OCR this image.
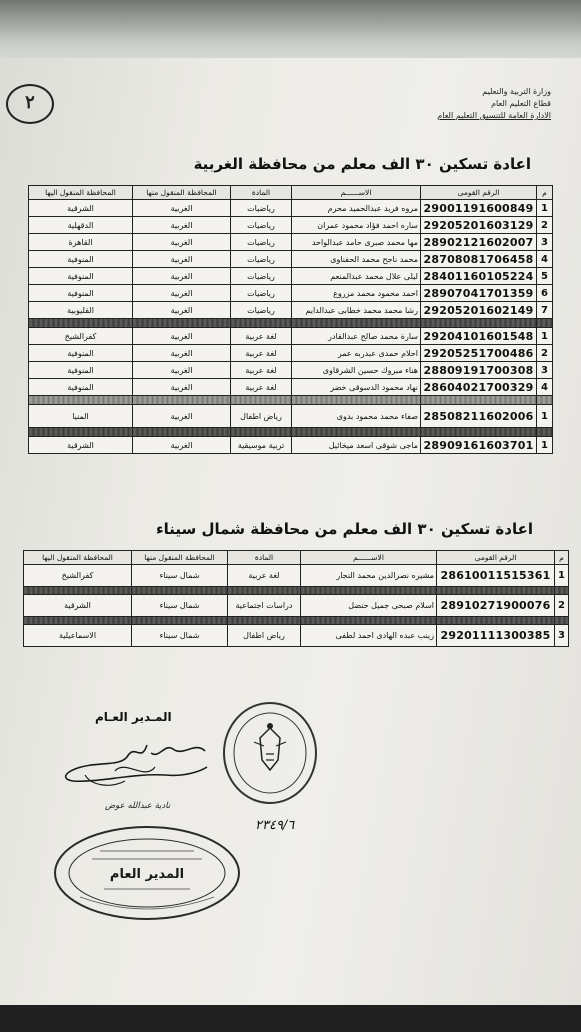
٢
وزارة التربية والتعليم
قطاع التعليم العام
الادارة العامة للتنسيق التعليم العام
اعادة تسكين ٣٠ الف معلم من محافظة الغربية
م	الرقم القومى	الاســــــم	المادة	المحافظة المنقول منها	المحافظة المنقول اليها
1	29001191600849	مروه فريد عبدالحميد محرم	رياضيات	الغربية	الشرقية
2	29205201603129	ساره احمد فؤاد محمود عمران	رياضيات	الغربية	الدقهلية
3	28902121602007	مها محمد صبرى حامد عبدالواحد	رياضيات	الغربية	القاهرة
4	28708081706458	محمد ناجح محمد الحفناوى	رياضيات	الغربية	المنوفية
5	28401160105224	ليلى علال محمد عبدالمنعم	رياضيات	الغربية	المنوفية
6	28907041701359	احمد محمود محمد مزروع	رياضيات	الغربية	المنوفية
7	29205201602149	رشا محمد محمد خطابى عبدالدايم	رياضيات	الغربية	القليوبية

1	29204101601548	سارة محمد صالح عبدالقادر	لغة عربية	الغربية	كفرالشيخ
2	29205251700486	احلام حمدى عبدربه عمر	لغة عربية	الغربية	المنوفية
3	28809191700308	هناء مبروك حسين الشرقاوى	لغة عربية	الغربية	المنوفية
4	28604021700329	نهاد محمود الدسوقى خضر	لغة عربية	الغربية	المنوفية

1	28508211602006	صفاء محمد محمود بدوى	رياض اطفال	الغربية	المنيا

1	28909161603701	ماجى شوقى اسعد ميخائيل	تربية موسيقية	الغربية	الشرقية
اعادة تسكين ٣٠ الف معلم من محافظة شمال سيناء
م	الرقم القومى	الاســــــم	المادة	المحافظة المنقول منها	المحافظة المنقول اليها
1	28610011515361	مشيره نصرالدين محمد النجار	لغة عربية	شمال سيناء	كفرالشيخ

2	28910271900076	اسلام صبحى جميل حنضل	دراسات اجتماعية	شمال سيناء	الشرقية

3	29201111300385	زينب عبده الهادى احمد لطفى	رياض اطفال	شمال سيناء	الاسماعيلية
المـدير العـام
نادية عبدالله عوض
المدير العام
٢٣٤٩/٦
